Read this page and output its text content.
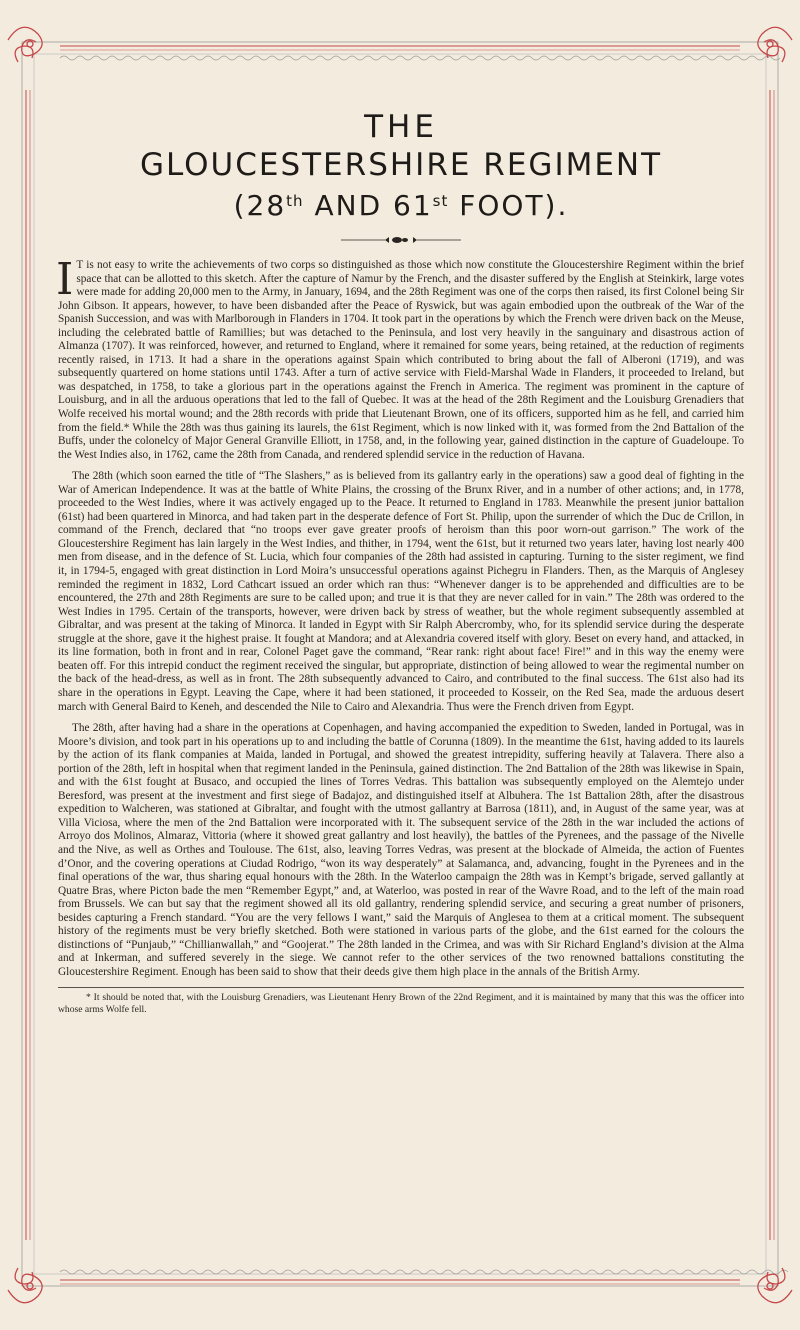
THE
GLOUCESTERSHIRE REGIMENT
(28th AND 61st FOOT).

I T is not easy to write the achievements of two corps so distinguished as those which now constitute the Gloucestershire Regiment within the brief space that can be allotted to this sketch. After the capture of Namur by the French, and the disaster suffered by the English at Steinkirk, large votes were made for adding 20,000 men to the Army, in January, 1694, and the 28th Regiment was one of the corps then raised, its first Colonel being Sir John Gibson. It appears, however, to have been disbanded after the Peace of Ryswick, but was again embodied upon the outbreak of the War of the Spanish Succession, and was with Marlborough in Flanders in 1704. It took part in the operations by which the French were driven back on the Meuse, including the celebrated battle of Ramillies; but was detached to the Peninsula, and lost very heavily in the sanguinary and disastrous action of Almanza (1707). It was reinforced, however, and returned to England, where it remained for some years, being retained, at the reduction of regiments recently raised, in 1713. It had a share in the operations against Spain which contributed to bring about the fall of Alberoni (1719), and was subsequently quartered on home stations until 1743. After a turn of active service with Field-Marshal Wade in Flanders, it proceeded to Ireland, but was despatched, in 1758, to take a glorious part in the operations against the French in America. The regiment was prominent in the capture of Louisburg, and in all the arduous operations that led to the fall of Quebec. It was at the head of the 28th Regiment and the Louisburg Grenadiers that Wolfe received his mortal wound; and the 28th records with pride that Lieutenant Brown, one of its officers, supported him as he fell, and carried him from the field.* While the 28th was thus gaining its laurels, the 61st Regiment, which is now linked with it, was formed from the 2nd Battalion of the Buffs, under the colonelcy of Major General Granville Elliott, in 1758, and, in the following year, gained distinction in the capture of Guadeloupe. To the West Indies also, in 1762, came the 28th from Canada, and rendered splendid service in the reduction of Havana.

The 28th (which soon earned the title of “The Slashers,” as is believed from its gallantry early in the operations) saw a good deal of fighting in the War of American Independence. It was at the battle of White Plains, the crossing of the Brunx River, and in a number of other actions; and, in 1778, proceeded to the West Indies, where it was actively engaged up to the Peace. It returned to England in 1783. Meanwhile the present junior battalion (61st) had been quartered in Minorca, and had taken part in the desperate defence of Fort St. Philip, upon the surrender of which the Duc de Crillon, in command of the French, declared that “no troops ever gave greater proofs of heroism than this poor worn-out garrison.” The work of the Gloucestershire Regiment has lain largely in the West Indies, and thither, in 1794, went the 61st, but it returned two years later, having lost nearly 400 men from disease, and in the defence of St. Lucia, which four companies of the 28th had assisted in capturing. Turning to the sister regiment, we find it, in 1794-5, engaged with great distinction in Lord Moira’s unsuccessful operations against Pichegru in Flanders. Then, as the Marquis of Anglesey reminded the regiment in 1832, Lord Cathcart issued an order which ran thus: “Whenever danger is to be apprehended and difficulties are to be encountered, the 27th and 28th Regiments are sure to be called upon; and true it is that they are never called for in vain.” The 28th was ordered to the West Indies in 1795. Certain of the transports, however, were driven back by stress of weather, but the whole regiment subsequently assembled at Gibraltar, and was present at the taking of Minorca. It landed in Egypt with Sir Ralph Abercromby, who, for its splendid service during the desperate struggle at the shore, gave it the highest praise. It fought at Mandora; and at Alexandria covered itself with glory. Beset on every hand, and attacked, in its line formation, both in front and in rear, Colonel Paget gave the command, “Rear rank: right about face! Fire!” and in this way the enemy were beaten off. For this intrepid conduct the regiment received the singular, but appropriate, distinction of being allowed to wear the regimental number on the back of the head-dress, as well as in front. The 28th subsequently advanced to Cairo, and contributed to the final success. The 61st also had its share in the operations in Egypt. Leaving the Cape, where it had been stationed, it proceeded to Kosseir, on the Red Sea, made the arduous desert march with General Baird to Keneh, and descended the Nile to Cairo and Alexandria. Thus were the French driven from Egypt.

The 28th, after having had a share in the operations at Copenhagen, and having accompanied the expedition to Sweden, landed in Portugal, was in Moore’s division, and took part in his operations up to and including the battle of Corunna (1809). In the meantime the 61st, having added to its laurels by the action of its flank companies at Maida, landed in Portugal, and showed the greatest intrepidity, suffering heavily at Talavera. There also a portion of the 28th, left in hospital when that regiment landed in the Peninsula, gained distinction. The 2nd Battalion of the 28th was likewise in Spain, and with the 61st fought at Busaco, and occupied the lines of Torres Vedras. This battalion was subsequently employed on the Alemtejo under Beresford, was present at the investment and first siege of Badajoz, and distinguished itself at Albuhera. The 1st Battalion 28th, after the disastrous expedition to Walcheren, was stationed at Gibraltar, and fought with the utmost gallantry at Barrosa (1811), and, in August of the same year, was at Villa Viciosa, where the men of the 2nd Battalion were incorporated with it. The subsequent service of the 28th in the war included the actions of Arroyo dos Molinos, Almaraz, Vittoria (where it showed great gallantry and lost heavily), the battles of the Pyrenees, and the passage of the Nivelle and the Nive, as well as Orthes and Toulouse. The 61st, also, leaving Torres Vedras, was present at the blockade of Almeida, the action of Fuentes d’Onor, and the covering operations at Ciudad Rodrigo, “won its way desperately” at Salamanca, and, advancing, fought in the Pyrenees and in the final operations of the war, thus sharing equal honours with the 28th. In the Waterloo campaign the 28th was in Kempt’s brigade, served gallantly at Quatre Bras, where Picton bade the men “Remember Egypt,” and, at Waterloo, was posted in rear of the Wavre Road, and to the left of the main road from Brussels. We can but say that the regiment showed all its old gallantry, rendering splendid service, and securing a great number of prisoners, besides capturing a French standard. “You are the very fellows I want,” said the Marquis of Anglesea to them at a critical moment. The subsequent history of the regiments must be very briefly sketched. Both were stationed in various parts of the globe, and the 61st earned for the colours the distinctions of “Punjaub,” “Chillianwallah,” and “Goojerat.” The 28th landed in the Crimea, and was with Sir Richard England’s division at the Alma and at Inkerman, and suffered severely in the siege. We cannot refer to the other services of the two renowned battalions constituting the Gloucestershire Regiment. Enough has been said to show that their deeds give them high place in the annals of the British Army.

* It should be noted that, with the Louisburg Grenadiers, was Lieutenant Henry Brown of the 22nd Regiment, and it is maintained by many that this was the officer into whose arms Wolfe fell.
